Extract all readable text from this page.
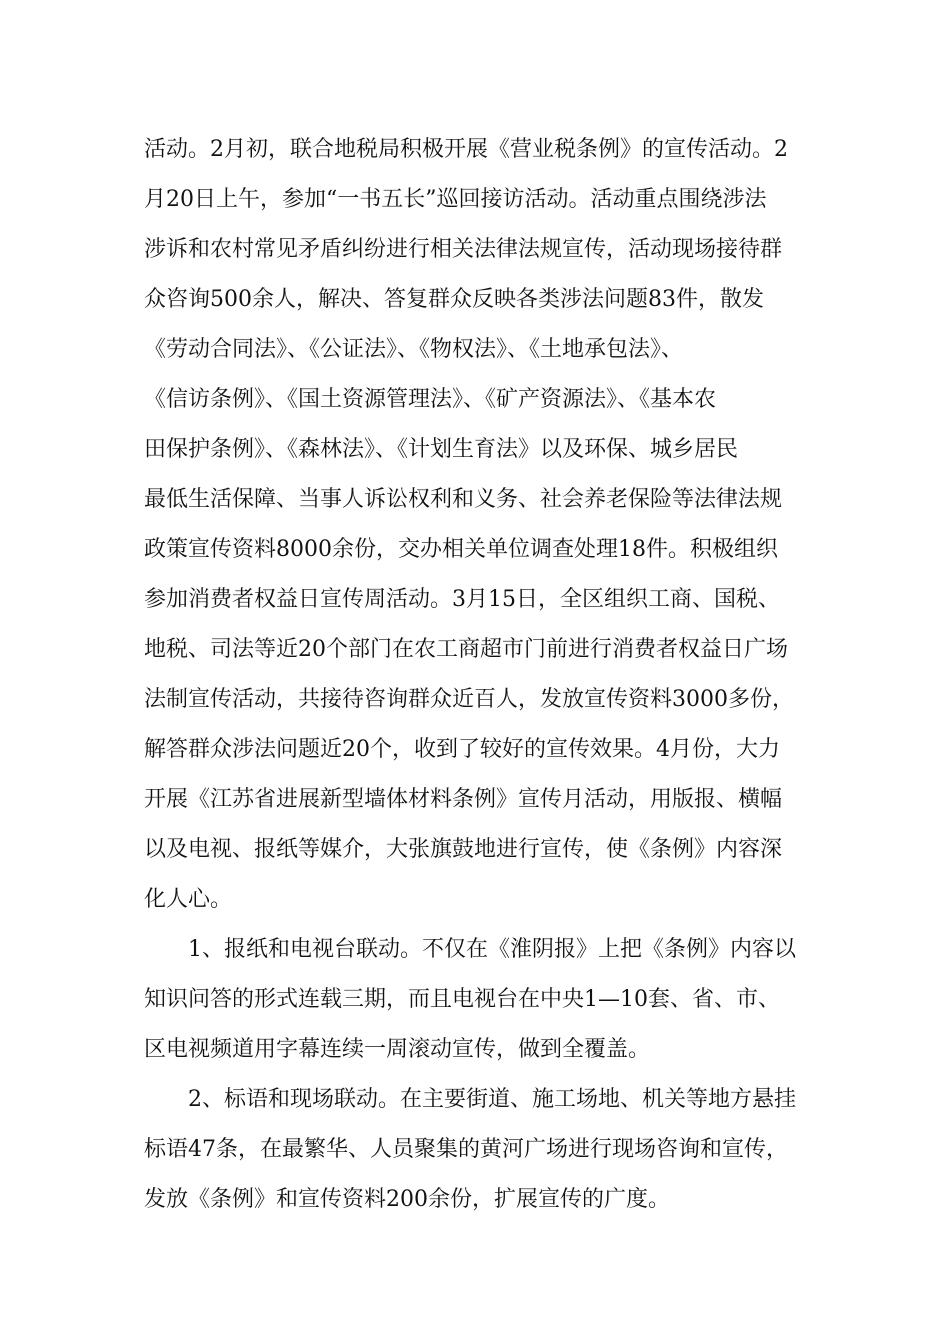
活动。2月初，联合地税局积极开展《营业税条例》的宣传活动。2
月20日上午，参加“一书五长”巡回接访活动。活动重点围绕涉法
涉诉和农村常见矛盾纠纷进行相关法律法规宣传，活动现场接待群
众咨询500余人，解决、答复群众反映各类涉法问题83件，散发
《劳动合同法》、《公证法》、《物权法》、《土地承包法》、
《信访条例》、《国土资源管理法》、《矿产资源法》、《基本农
田保护条例》、《森林法》、《计划生育法》以及环保、城乡居民
最低生活保障、当事人诉讼权利和义务、社会养老保险等法律法规
政策宣传资料8000余份，交办相关单位调查处理18件。积极组织
参加消费者权益日宣传周活动。3月15日，全区组织工商、国税、
地税、司法等近20个部门在农工商超市门前进行消费者权益日广场
法制宣传活动，共接待咨询群众近百人，发放宣传资料3000多份，
解答群众涉法问题近20个，收到了较好的宣传效果。4月份，大力
开展《江苏省进展新型墙体材料条例》宣传月活动，用版报、横幅
以及电视、报纸等媒介，大张旗鼓地进行宣传，使《条例》内容深
化人心。
1、报纸和电视台联动。不仅在《淮阴报》上把《条例》内容以
知识问答的形式连载三期，而且电视台在中央1—10套、省、市、
区电视频道用字幕连续一周滚动宣传，做到全覆盖。
2、标语和现场联动。在主要街道、施工场地、机关等地方悬挂
标语47条，在最繁华、人员聚集的黄河广场进行现场咨询和宣传，
发放《条例》和宣传资料200余份，扩展宣传的广度。
